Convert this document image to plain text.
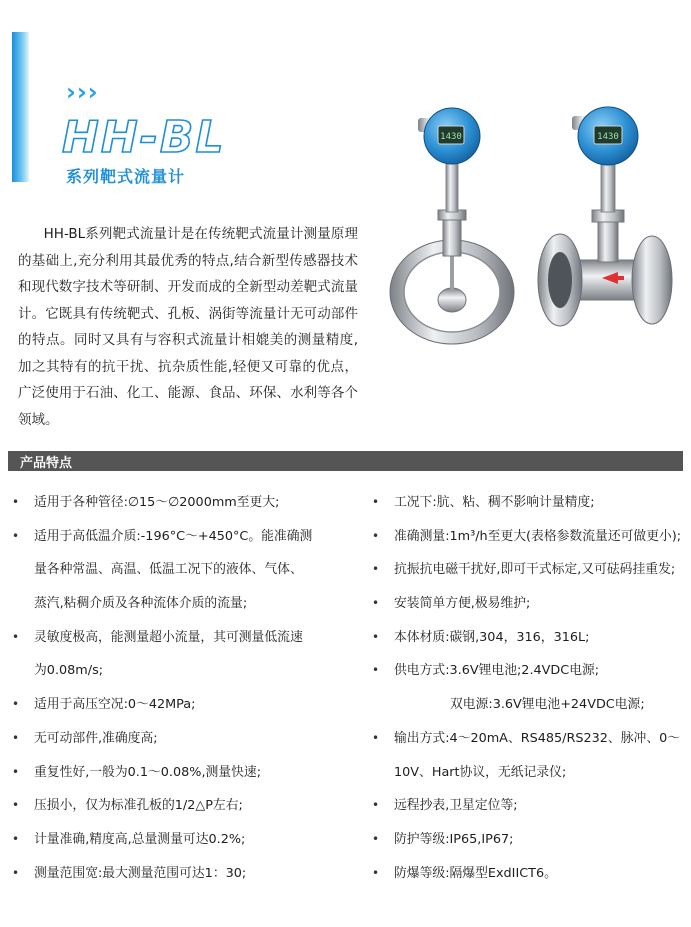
›››
HH-BL
系列靶式流量计

HH-BL系列靶式流量计是在传统靶式流量计测量原理的基础上,充分利用其最优秀的特点,结合新型传感器技术和现代数字技术等研制、开发而成的全新型动差靶式流量计。它既具有传统靶式、孔板、涡街等流量计无可动部件的特点。同时又具有与容积式流量计相媲美的测量精度,加之其特有的抗干扰、抗杂质性能,轻便又可靠的优点，广泛使用于石油、化工、能源、食品、环保、水利等各个领域。

1430	1430
产品特点
• 适用于各种管径:∅15～∅2000mm至更大;
• 适用于高低温介质:-196°C～+450°C。能准确测
量各种常温、高温、低温工况下的液体、气体、
蒸汽,粘稠介质及各种流体介质的流量;
• 灵敏度极高，能测量超小流量，其可测量低流速
为0.08m/s;
• 适用于高压空况:0～42MPa;
• 无可动部件,准确度高;
• 重复性好,一般为0.1～0.08%,测量快速;
• 压损小，仅为标准孔板的1/2△P左右;
• 计量准确,精度高,总量测量可达0.2%;
• 测量范围宽:最大测量范围可达1：30;
• 工况下:肮、粘、稠不影响计量精度;
• 准确测量:1m³/h至更大(表格参数流量还可做更小);
• 抗振抗电磁干扰好,即可干式标定,又可砝码挂重发;
• 安装简单方便,极易维护;
• 本体材质:碳钢,304，316，316L;
• 供电方式:3.6V锂电池;2.4VDC电源;
双电源:3.6V锂电池+24VDC电源;
• 输出方式:4～20mA、RS485/RS232、脉冲、0～
10V、Hart协议，无纸记录仪;
• 远程抄表,卫星定位等;
• 防护等级:IP65,IP67;
• 防爆等级:隔爆型ExdIICT6。
